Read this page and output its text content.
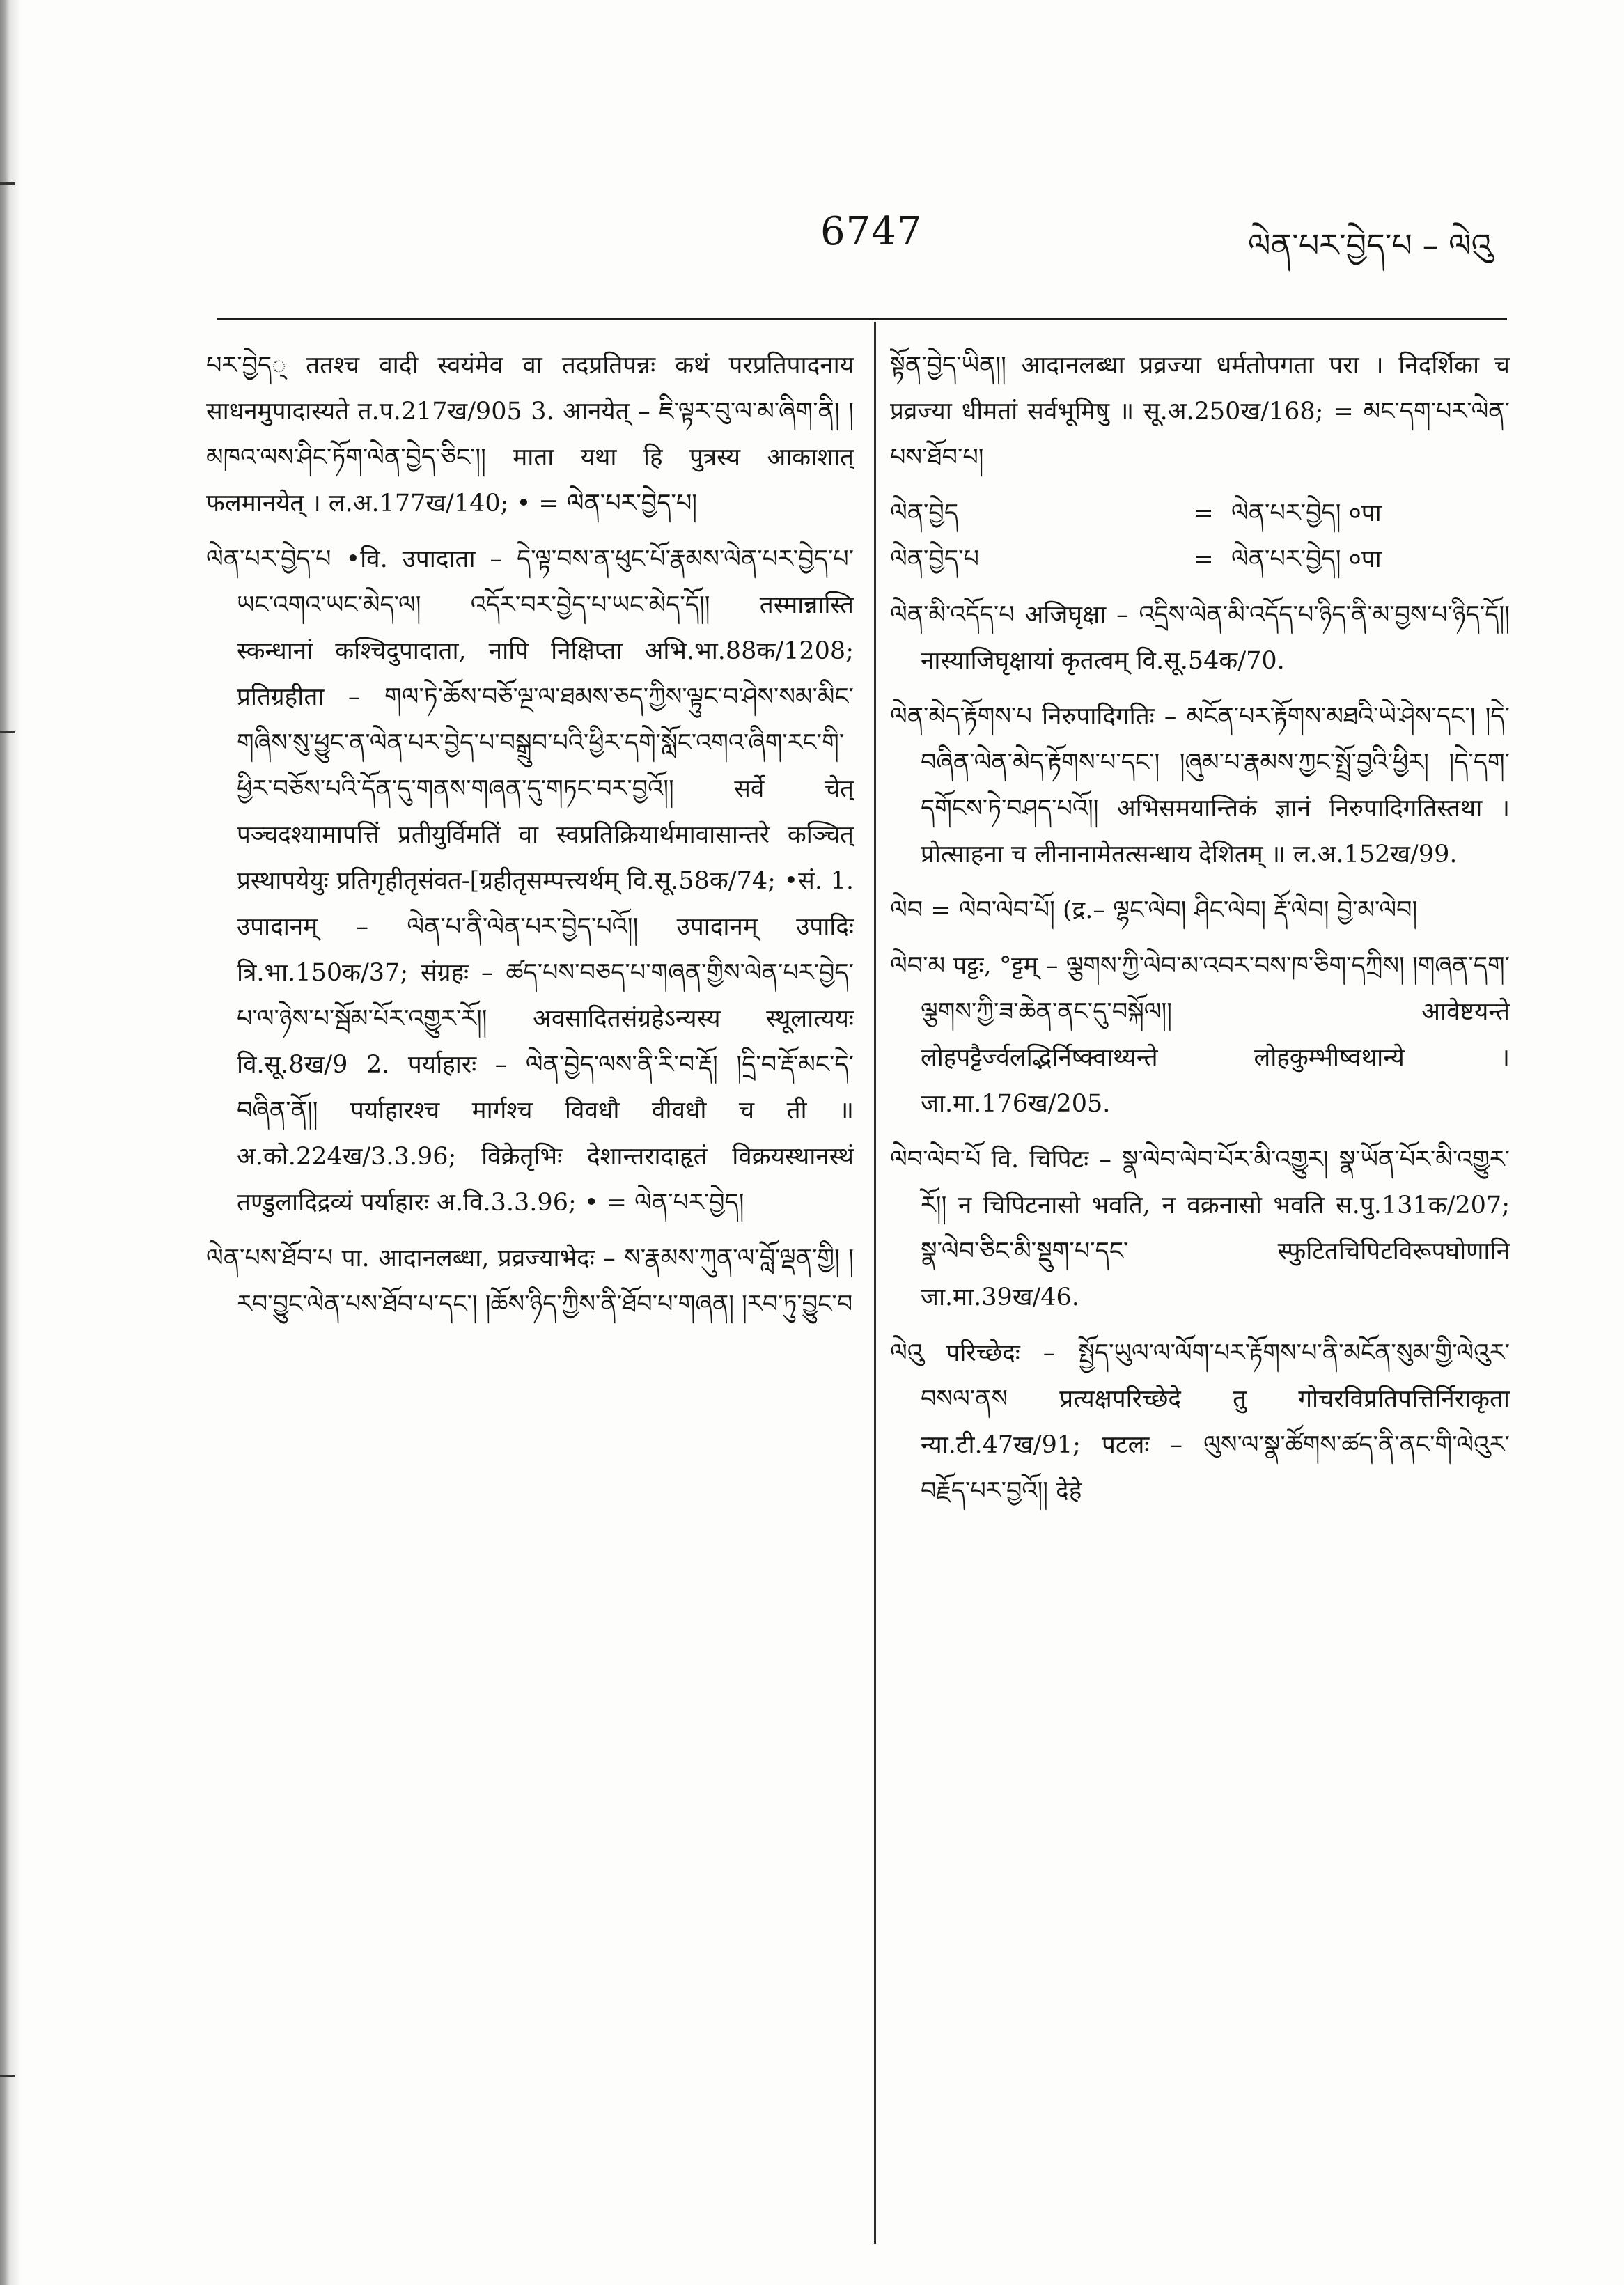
6747	ལེན་པར་བྱེད་པ – ལེའུ

པར་བྱེད् ततश्च वादी स्वयंमेव वा तदप्रतिपन्नः कथं परप्रतिपादनाय साधनमुपादास्यते त.प.217ख/905 3. आनयेत् – ཇི་ལྟར་བུ་ལ་མ་ཞིག་ནི། །མཁའ་ལས་ཤིང་ཏོག་ལེན་བྱེད་ཅིང་།། माता यथा हि पुत्रस्य आकाशात् फलमानयेत् । ल.अ.177ख/140; • = ལེན་པར་བྱེད་པ།

ལེན་པར་བྱེད་པ •वि. उपादाता – དེ་ལྟ་བས་ན་ཕུང་པོ་རྣམས་ལེན་པར་བྱེད་པ་ཡང་འགའ་ཡང་མེད་ལ། འདོར་བར་བྱེད་པ་ཡང་མེད་དོ།། तस्मान्नास्ति स्कन्धानां कश्चिदुपादाता, नापि निक्षिप्ता अभि.भा.88क/1208; प्रतिग्रहीता – གལ་ཏེ་ཆོས་བཅོ་ལྔ་ལ་ཐམས་ཅད་ཀྱིས་ལྟུང་བ་ཤེས་སམ་མིང་གཞིས་སུ་ཕྱུང་ན་ལེན་པར་བྱེད་པ་བསྒྲུབ་པའི་ཕྱིར་དགེ་སློང་འགའ་ཞིག་རང་གི་ཕྱིར་བཅོས་པའི་དོན་དུ་གནས་གཞན་དུ་གཏང་བར་བྱའོ།། सर्वे चेत् पञ्चदश्यामापत्तिं प्रतीयुर्विमतिं वा स्वप्रतिक्रियार्थमावासान्तरे कञ्चित् प्रस्थापयेयुः प्रतिगृहीतृसंवत-[ग्रहीतृसम्पत्त्यर्थम् वि.सू.58क/74; •सं. 1. उपादानम् – ལེན་པ་ནི་ལེན་པར་བྱེད་པའོ།། उपादानम् उपादिः त्रि.भा.150क/37; संग्रहः – ཚད་པས་བཅད་པ་གཞན་གྱིས་ལེན་པར་བྱེད་པ་ལ་ཉེས་པ་སྦོམ་པོར་འགྱུར་རོ།། अवसादितसंग्रहेऽन्यस्य स्थूलात्ययः वि.सू.8ख/9 2. पर्याहारः – ལེན་བྱེད་ལས་ནི་རི་བ་རྡོ། །དྲི་བ་རྡོ་མང་དེ་བཞིན་ནོ།། पर्याहारश्च मार्गश्च विवधौ वीवधौ च ती ॥ अ.को.224ख/3.3.96; विक्रेतृभिः देशान्तरादाहृतं विक्रयस्थानस्थं तण्डुलादिद्रव्यं पर्याहारः अ.वि.3.3.96; • = ལེན་པར་བྱེད།

ལེན་པས་ཐོབ་པ पा. आदानलब्धा, प्रव्रज्याभेदः – ས་རྣམས་ཀུན་ལ་བློ་ལྡན་གྱི། །རབ་བྱུང་ལེན་པས་ཐོབ་པ་དང་། །ཆོས་ཉིད་ཀྱིས་ནི་ཐོབ་པ་གཞན། །རབ་ཏུ་བྱུང་བ

སྟོན་བྱེད་ཡིན།། आदानलब्धा प्रव्रज्या धर्मतोपगता परा । निदर्शिका च प्रव्रज्या धीमतां सर्वभूमिषु ॥ सू.अ.250ख/168; = མང་དག་པར་ལེན་པས་ཐོབ་པ།

ལེན་བྱེད	= ལེན་པར་བྱེད། ०पा
ལེན་བྱེད་པ	= ལེན་པར་བྱེད། ०पा

ལེན་མི་འདོད་པ अजिघृक्षा – འདྲིས་ལེན་མི་འདོད་པ་ཉིད་ནི་མ་བྱས་པ་ཉིད་དོ།། नास्याजिघृक्षायां कृतत्वम् वि.सू.54क/70.

ལེན་མེད་རྟོགས་པ निरुपादिगतिः – མངོན་པར་རྟོགས་མཐའི་ཡེ་ཤེས་དང་། །དེ་བཞིན་ལེན་མེད་རྟོགས་པ་དང་། །ཞུམ་པ་རྣམས་ཀྱང་སྤྲོ་བྱའི་ཕྱིར། །དེ་དག་དགོངས་ཏེ་བཤད་པའོ།། अभिसमयान्तिकं ज्ञानं निरुपादिगतिस्तथा । प्रोत्साहना च लीनानामेतत्सन्धाय देशितम् ॥ ल.अ.152ख/99.

ལེབ = ལེབ་ལེབ་པོ། (द्र.– ལྷང་ལེབ། ཤིང་ལེབ། རྡོ་ལེབ། བྱེ་མ་ལེབ།

ལེབ་མ पट्टः, °ट्टम् – ལྕགས་ཀྱི་ལེབ་མ་འབར་བས་ཁ་ཅིག་དཀྲིས། །གཞན་དག་ལྕགས་ཀྱི་ཟ་ཆེན་ནང་དུ་བསྐོལ།། आवेष्टयन्ते लोहपट्टैर्ज्वलद्भिर्निष्क्वाथ्यन्ते लोहकुम्भीष्वथान्ये । जा.मा.176ख/205.

ལེབ་ལེབ་པོ वि. चिपिटः – སྣ་ལེབ་ལེབ་པོར་མི་འགྱུར། སྣ་ཡོན་པོར་མི་འགྱུར་རོ།། न चिपिटनासो भवति, न वक्रनासो भवति स.पु.131क/207; སྣ་ལེབ་ཅིང་མི་སྡུག་པ་དང་ स्फुटितचिपिटविरूपघोणानि जा.मा.39ख/46.

ལེའུ परिच्छेदः – སྤྱོད་ཡུལ་ལ་ལོག་པར་རྟོགས་པ་ནི་མངོན་སུམ་གྱི་ལེའུར་བསལ་ནས प्रत्यक्षपरिच्छेदे तु गोचरविप्रतिपत्तिर्निराकृता न्या.टी.47ख/91; पटलः – ལུས་ལ་སྣ་ཚོགས་ཚད་ནི་ནང་གི་ལེའུར་བརྗོད་པར་བྱའོ།། देहे
